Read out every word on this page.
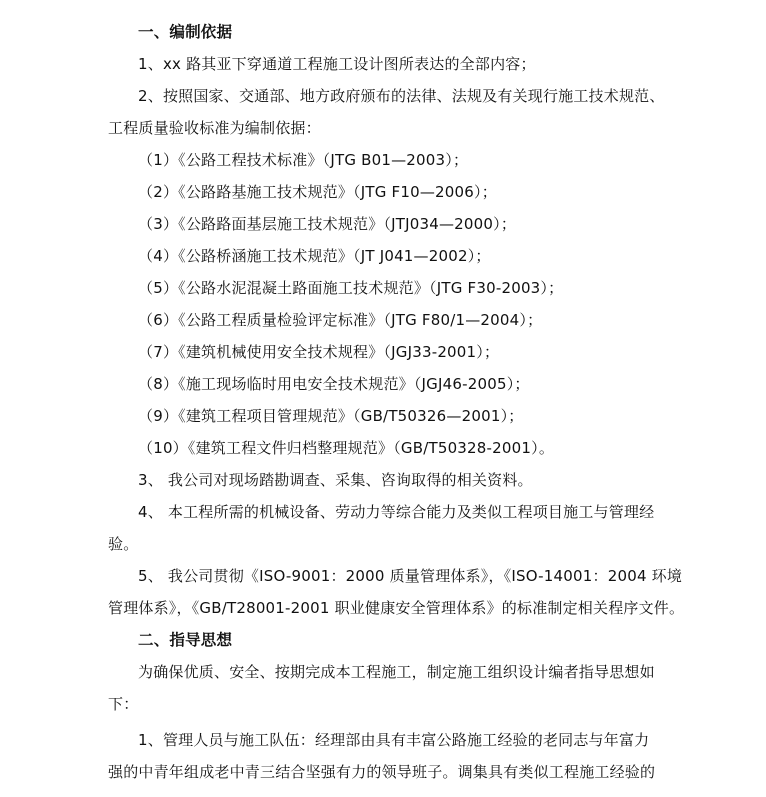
一、编制依据
1、xx 路其亚下穿通道工程施工设计图所表达的全部内容；
2、按照国家、交通部、地方政府颁布的法律、法规及有关现行施工技术规范、
工程质量验收标准为编制依据：
（1）《公路工程技术标准》（JTG B01—2003）；
（2）《公路路基施工技术规范》（JTG F10—2006）；
（3）《公路路面基层施工技术规范》（JTJ034—2000）；
（4）《公路桥涵施工技术规范》（JT J041—2002）；
（5）《公路水泥混凝土路面施工技术规范》（JTG F30-2003）；
（6）《公路工程质量检验评定标准》（JTG F80/1—2004）；
（7）《建筑机械使用安全技术规程》（JGJ33-2001）；
（8）《施工现场临时用电安全技术规范》（JGJ46-2005）；
（9）《建筑工程项目管理规范》（GB/T50326—2001）；
（10）《建筑工程文件归档整理规范》（GB/T50328-2001）。
3、 我公司对现场踏勘调查、采集、咨询取得的相关资料。
4、 本工程所需的机械设备、劳动力等综合能力及类似工程项目施工与管理经
验。
5、 我公司贯彻《ISO-9001：2000 质量管理体系》，《ISO-14001：2004 环境
管理体系》，《GB/T28001-2001 职业健康安全管理体系》的标准制定相关程序文件。
二、指导思想
为确保优质、安全、按期完成本工程施工，制定施工组织设计编者指导思想如
下：
1、管理人员与施工队伍：经理部由具有丰富公路施工经验的老同志与年富力
强的中青年组成老中青三结合坚强有力的领导班子。调集具有类似工程施工经验的
